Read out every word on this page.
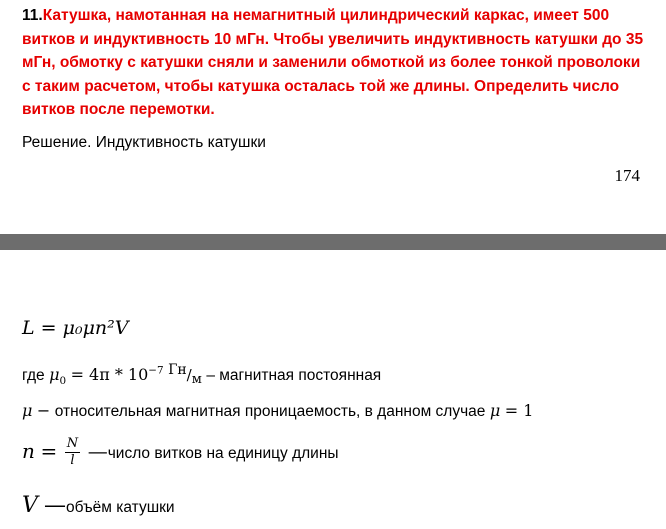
11.Катушка, намотанная на немагнитный цилиндрический каркас, имеет 500 витков и индуктивность 10 мГн. Чтобы увеличить индуктивность катушки до 35 мГн, обмотку с катушки сняли и заменили обмоткой из более тонкой проволоки с таким расчетом, чтобы катушка осталась той же длины. Определить число витков после перемотки.
Решение. Индуктивность катушки
174
L = μ₀μn²V
где $\mu_0 = 4\pi * 10^{-7}$ Гн/м – магнитная постоянная
μ − относительная магнитная проницаемость, в данном случае μ = 1
$n = \frac{N}{l}$ —число витков на единицу длины
V —объём катушки
